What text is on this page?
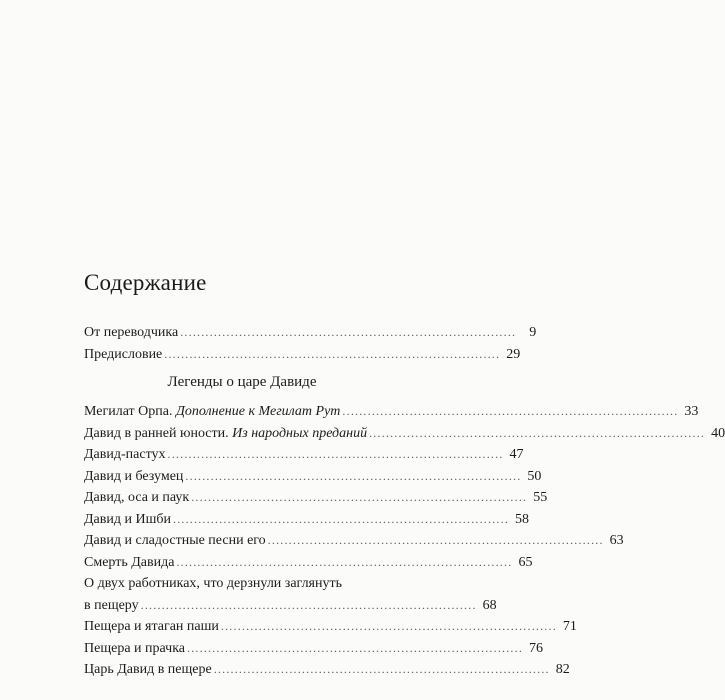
Содержание
От переводчика ................................................................................ 9
Предисловие ................................................................................ 29
Легенды о царе Давиде
Мегилат Орпа. Дополнение к Мегилат Рут ................................................................................ 33
Давид в ранней юности. Из народных преданий ................................................................................ 40
Давид-пастух ................................................................................ 47
Давид и безумец ................................................................................ 50
Давид, оса и паук ................................................................................ 55
Давид и Ишби ................................................................................ 58
Давид и сладостные песни его ................................................................................ 63
Смерть Давида ................................................................................ 65
О двух работниках, что дерзнули заглянуть
в пещеру ................................................................................ 68
Пещера и ятаган паши ................................................................................ 71
Пещера и прачка ................................................................................ 76
Царь Давид в пещере ................................................................................ 82
